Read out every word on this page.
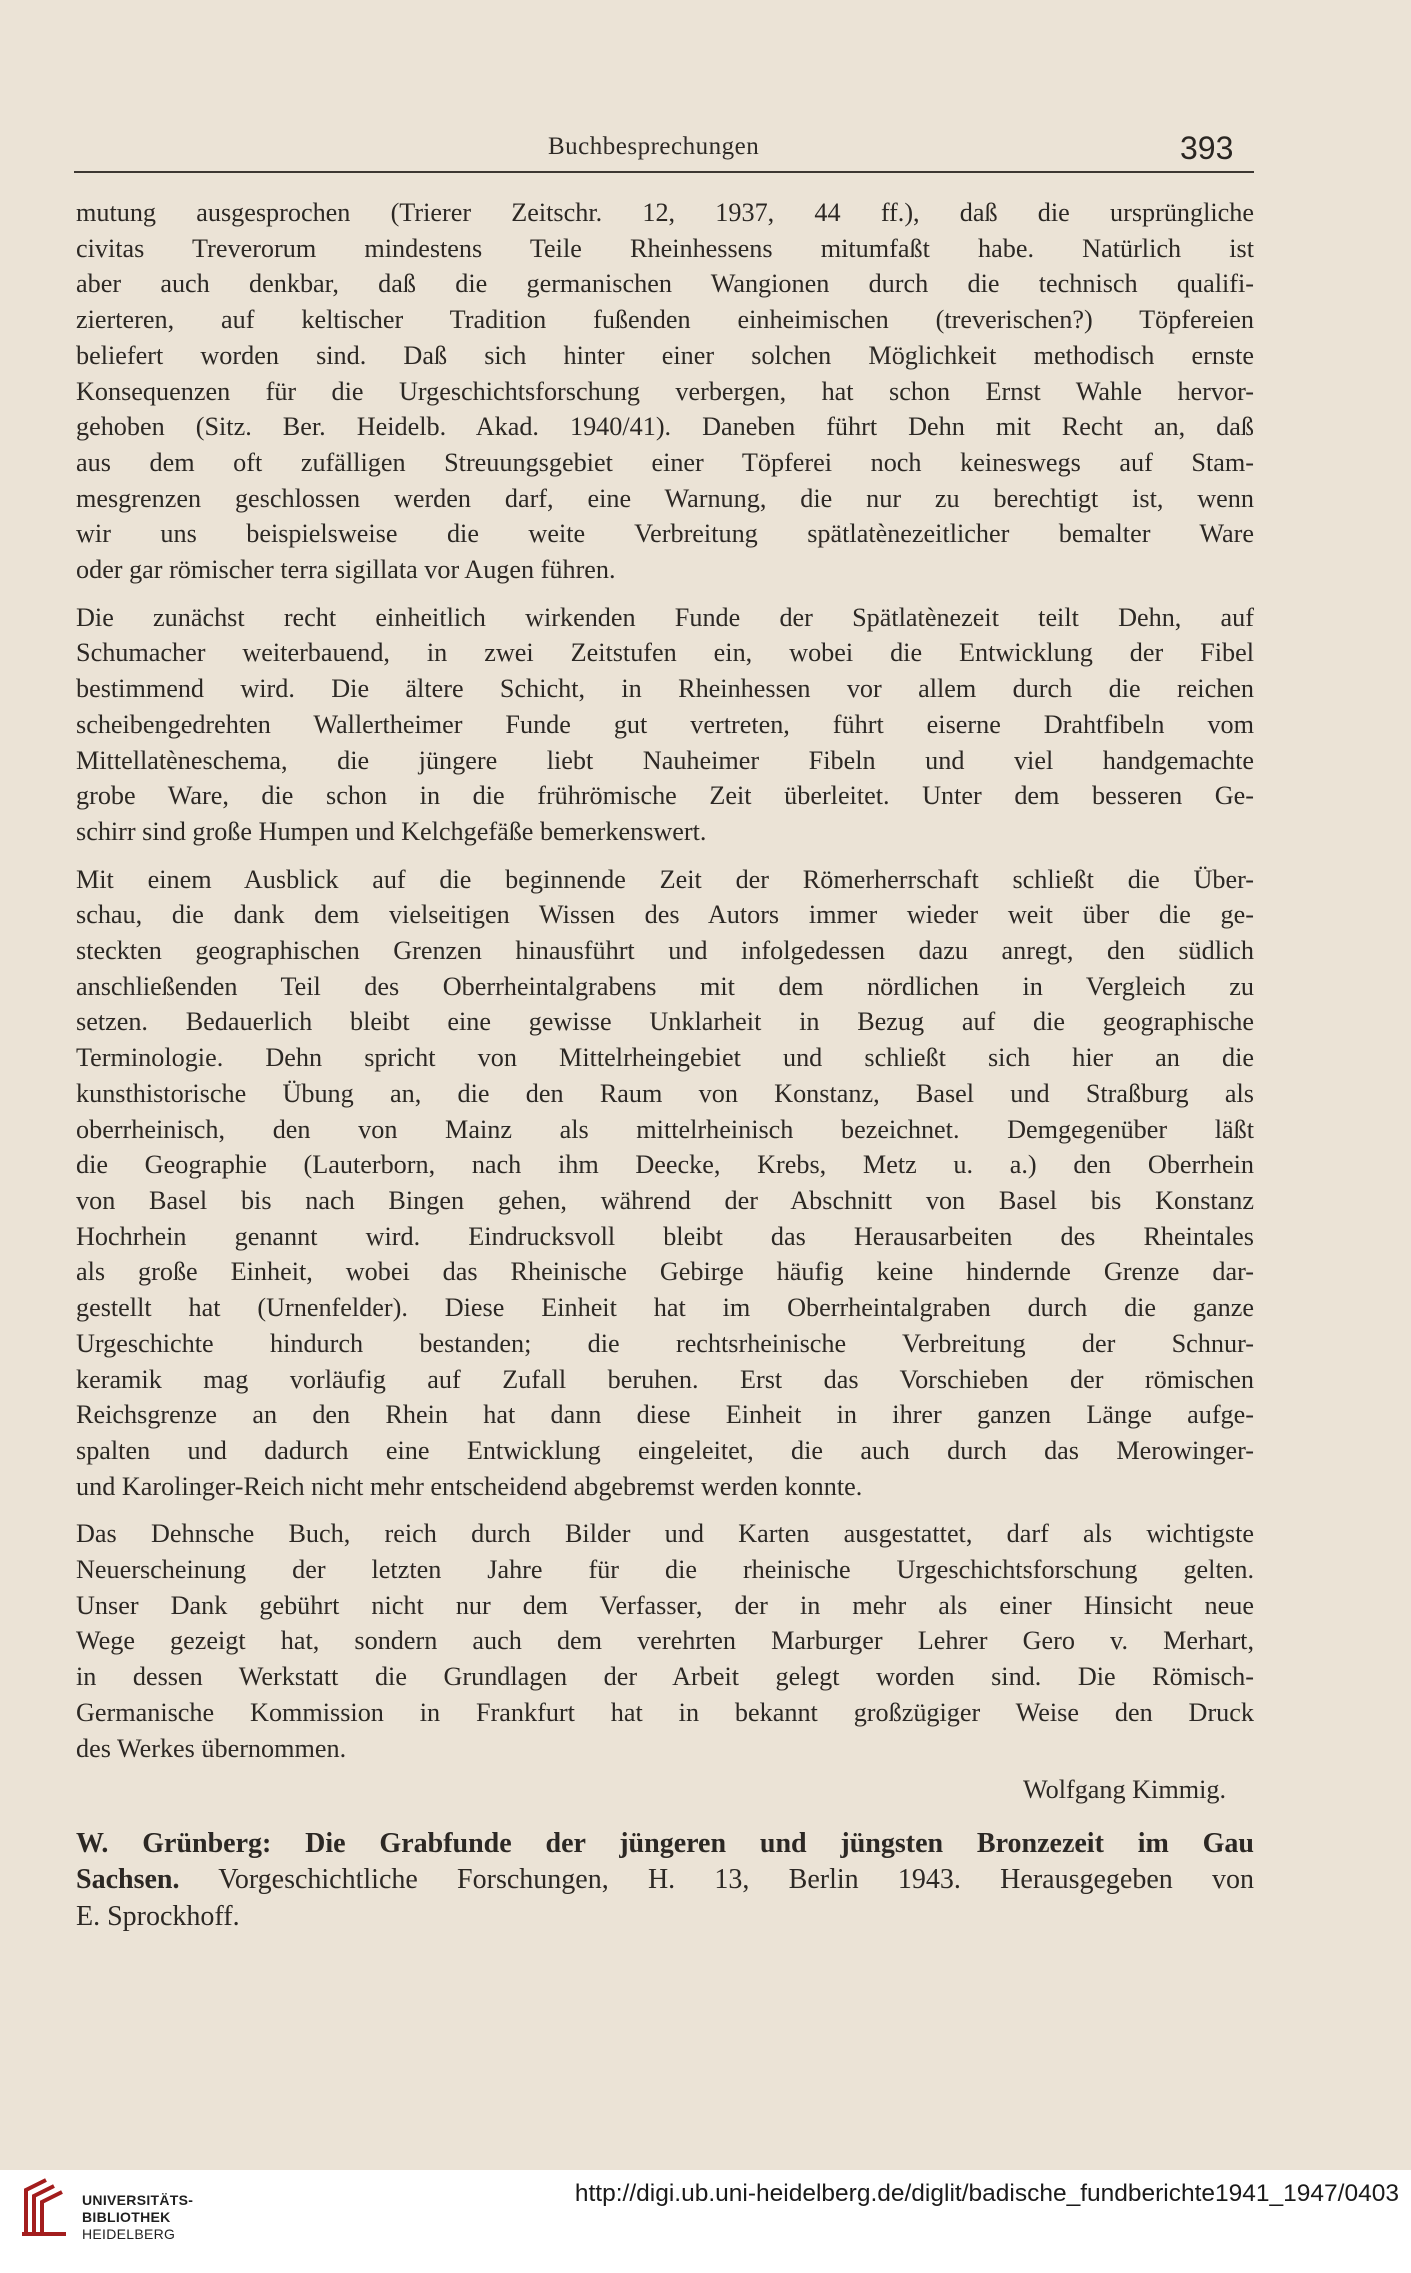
Buchbesprechungen	393
mutung ausgesprochen (Trierer Zeitschr. 12, 1937, 44 ff.), daß die ursprüngliche
civitas Treverorum mindestens Teile Rheinhessens mitumfaßt habe. Natürlich ist
aber auch denkbar, daß die germanischen Wangionen durch die technisch qualifi-
zierteren, auf keltischer Tradition fußenden einheimischen (treverischen?) Töpfereien
beliefert worden sind. Daß sich hinter einer solchen Möglichkeit methodisch ernste
Konsequenzen für die Urgeschichtsforschung verbergen, hat schon Ernst Wahle hervor-
gehoben (Sitz. Ber. Heidelb. Akad. 1940/41). Daneben führt Dehn mit Recht an, daß
aus dem oft zufälligen Streuungsgebiet einer Töpferei noch keineswegs auf Stam-
mesgrenzen geschlossen werden darf, eine Warnung, die nur zu berechtigt ist, wenn
wir uns beispielsweise die weite Verbreitung spätlatènezeitlicher bemalter Ware
oder gar römischer terra sigillata vor Augen führen.
Die zunächst recht einheitlich wirkenden Funde der Spätlatènezeit teilt Dehn, auf
Schumacher weiterbauend, in zwei Zeitstufen ein, wobei die Entwicklung der Fibel
bestimmend wird. Die ältere Schicht, in Rheinhessen vor allem durch die reichen
scheibengedrehten Wallertheimer Funde gut vertreten, führt eiserne Drahtfibeln vom
Mittellatèneschema, die jüngere liebt Nauheimer Fibeln und viel handgemachte
grobe Ware, die schon in die frührömische Zeit überleitet. Unter dem besseren Ge-
schirr sind große Humpen und Kelchgefäße bemerkenswert.
Mit einem Ausblick auf die beginnende Zeit der Römerherrschaft schließt die Über-
schau, die dank dem vielseitigen Wissen des Autors immer wieder weit über die ge-
steckten geographischen Grenzen hinausführt und infolgedessen dazu anregt, den südlich
anschließenden Teil des Oberrheintalgrabens mit dem nördlichen in Vergleich zu
setzen. Bedauerlich bleibt eine gewisse Unklarheit in Bezug auf die geographische
Terminologie. Dehn spricht von Mittelrheingebiet und schließt sich hier an die
kunsthistorische Übung an, die den Raum von Konstanz, Basel und Straßburg als
oberrheinisch, den von Mainz als mittelrheinisch bezeichnet. Demgegenüber läßt
die Geographie (Lauterborn, nach ihm Deecke, Krebs, Metz u. a.) den Oberrhein
von Basel bis nach Bingen gehen, während der Abschnitt von Basel bis Konstanz
Hochrhein genannt wird. Eindrucksvoll bleibt das Herausarbeiten des Rheintales
als große Einheit, wobei das Rheinische Gebirge häufig keine hindernde Grenze dar-
gestellt hat (Urnenfelder). Diese Einheit hat im Oberrheintalgraben durch die ganze
Urgeschichte hindurch bestanden; die rechtsrheinische Verbreitung der Schnur-
keramik mag vorläufig auf Zufall beruhen. Erst das Vorschieben der römischen
Reichsgrenze an den Rhein hat dann diese Einheit in ihrer ganzen Länge aufge-
spalten und dadurch eine Entwicklung eingeleitet, die auch durch das Merowinger-
und Karolinger-Reich nicht mehr entscheidend abgebremst werden konnte.
Das Dehnsche Buch, reich durch Bilder und Karten ausgestattet, darf als wichtigste
Neuerscheinung der letzten Jahre für die rheinische Urgeschichtsforschung gelten.
Unser Dank gebührt nicht nur dem Verfasser, der in mehr als einer Hinsicht neue
Wege gezeigt hat, sondern auch dem verehrten Marburger Lehrer Gero v. Merhart,
in dessen Werkstatt die Grundlagen der Arbeit gelegt worden sind. Die Römisch-
Germanische Kommission in Frankfurt hat in bekannt großzügiger Weise den Druck
des Werkes übernommen.
Wolfgang Kimmig.
W. Grünberg: Die Grabfunde der jüngeren und jüngsten Bronzezeit im Gau
Sachsen. Vorgeschichtliche Forschungen, H. 13, Berlin 1943. Herausgegeben von
E. Sprockhoff.
UNIVERSITÄTS-
BIBLIOTHEK
HEIDELBERG
http://digi.ub.uni-heidelberg.de/diglit/badische_fundberichte1941_1947/0403
